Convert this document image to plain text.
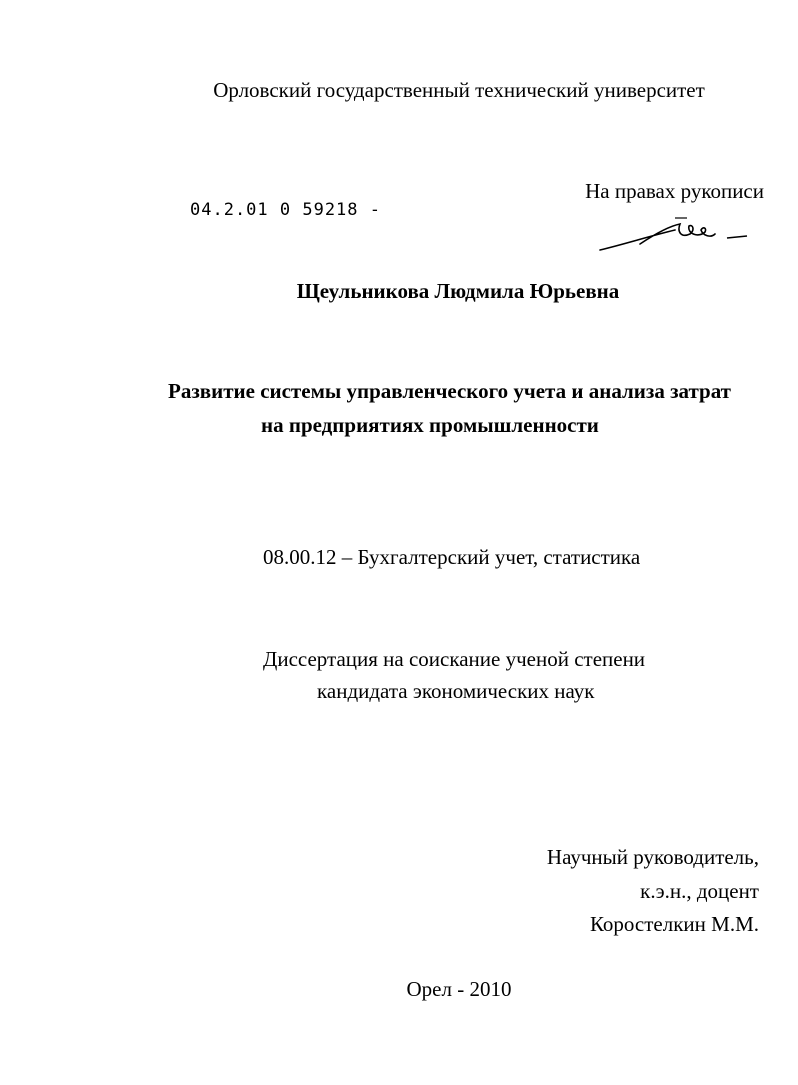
Орловский государственный технический университет
04.2.01 0 59218 -
На правах рукописи
Щеульникова Людмила Юрьевна
Развитие системы управленческого учета и анализа затрат
на предприятиях промышленности
08.00.12 – Бухгалтерский учет, статистика
Диссертация на соискание ученой степени
кандидата экономических наук
Научный руководитель,
к.э.н., доцент
Коростелкин М.М.
Орел - 2010
